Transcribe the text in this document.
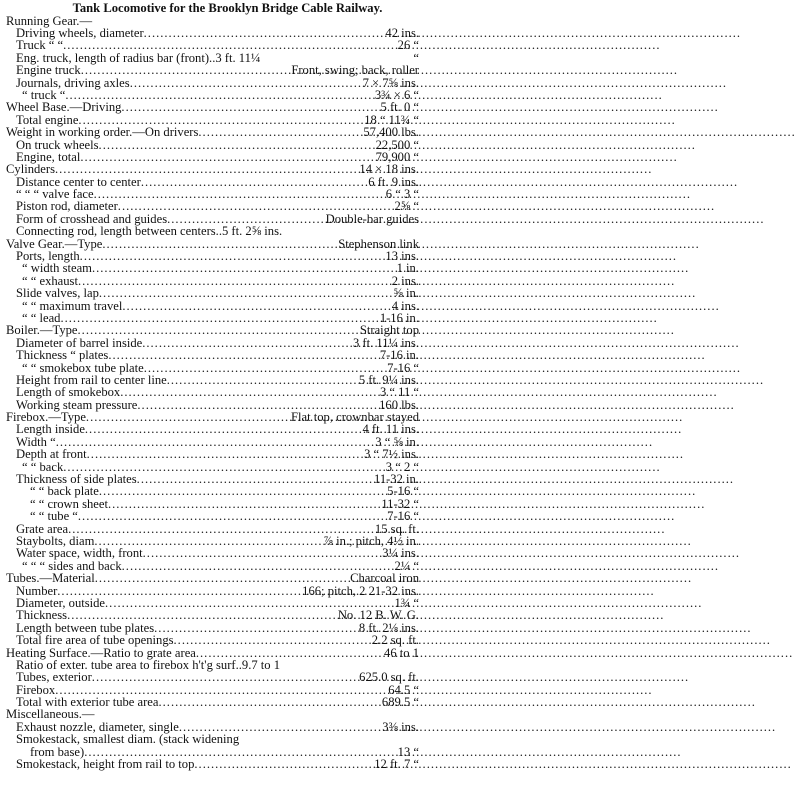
Tank Locomotive for the Brooklyn Bridge Cable Railway.
Running Gear.—
Driving wheels, diameter .....	42 ins.
Truck “ “ .....	26 “
Eng. truck, length of radius bar (front)..3 ft. 11¼	“
Engine truck .....	Front, swing; back, roller
Journals, driving axles .....	7 × 7⅝ ins.
“ truck “ .....	3¾ × 6 “
Wheel Base.—Driving .....	5 ft. 0 “
Total engine .....	18 “ 11¾ “
Weight in working order.—On drivers .....	57,400 lbs.
On truck wheels .....	22,500 “
Engine, total .....	79,900 “
Cylinders .....	14 × 18 ins.
Distance center to center .....	6 ft. 9 ins.
“ “ “ valve face .....	6 “ 3 “
Piston rod, diameter .....	2⅝ “
Form of crosshead and guides .....	Double-bar guides
Connecting rod, length between centers..5 ft. 2⅝ ins.
Valve Gear.—Type .....	Stephenson link
Ports, length .....	13 ins.
“ width steam .....	1 in.
“ “ exhaust .....	2 ins.
Slide valves, lap .....	⅝ in.
“ “ maximum travel .....	4 ins.
“ “ lead .....	1-16 in.
Boiler.—Type .....	Straight top
Diameter of barrel inside .....	3 ft. 11¼ ins.
Thickness “ plates .....	7-16 in.
“ “ smokebox tube plate .....	7-16 “
Height from rail to center line .....	5 ft. 9¼ ins.
Length of smokebox .....	3 “ 11 “
Working steam pressure .....	160 lbs.
Firebox.—Type .....	Flat top, crownbar stayed
Length inside .....	4 ft. 11 ins.
Width “ .....	3 “ ⅝ in.
Depth at front .....	3 “ 7½ ins.
“ “ back .....	3 “ 2 “
Thickness of side plates .....	11-32 in.
“ “ back plate .....	5-16 “
“ “ crown sheet .....	11-32 “
“ “ tube “ .....	7-16 “
Grate area .....	15 sq. ft.
Staybolts, diam .....	⅞ in.; pitch, 4½ in.
Water space, width, front .....	3¼ ins.
“ “ “ sides and back .....	2¼ “
Tubes.—Material .....	Charcoal iron
Number .....	166; pitch, 2 21-32 ins.
Diameter, outside .....	1¾ “
Thickness .....	No. 12 B. W. G.
Length between tube plates .....	8 ft. 2⅛ ins.
Total fire area of tube openings .....	2.2 sq. ft.
Heating Surface.—Ratio to grate area .....	46 to 1
Ratio of exter. tube area to firebox h't'g surf..9.7 to 1
Tubes, exterior .....	625.0 sq. ft.
Firebox .....	64.5 “
Total with exterior tube area .....	689.5 “
Miscellaneous.—
Exhaust nozzle, diameter, single .....	3⅜ ins.
Smokestack, smallest diam. (stack widening
from base) .....	13 “
Smokestack, height from rail to top .....	12 ft. 7 “
